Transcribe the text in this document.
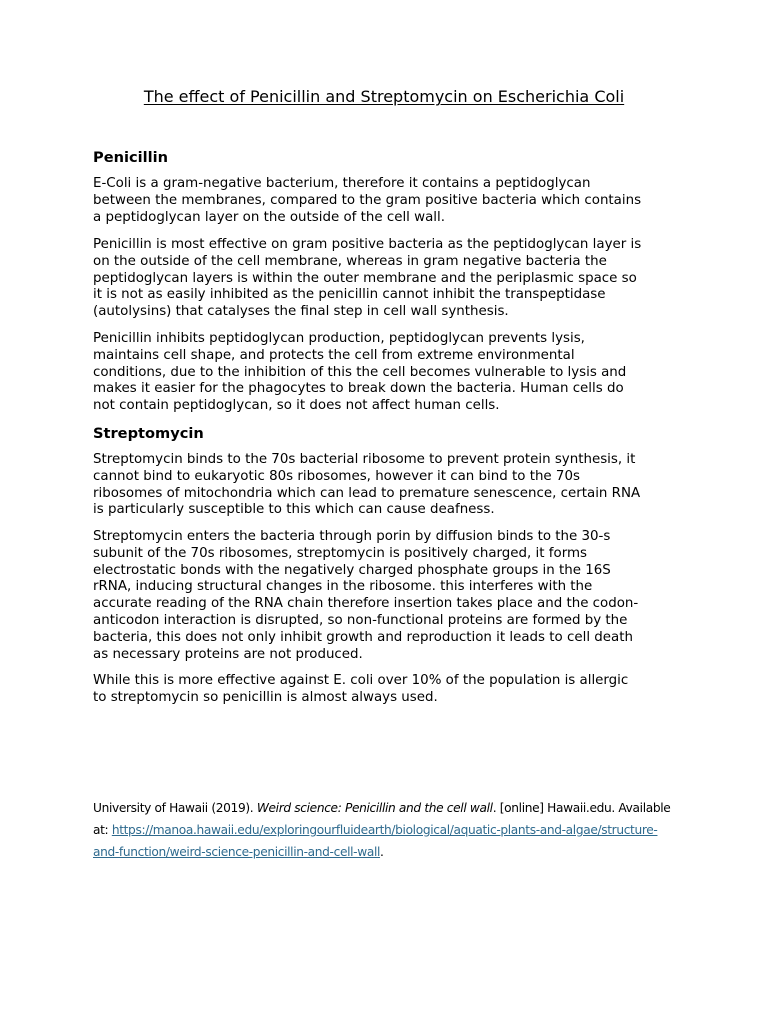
The effect of Penicillin and Streptomycin on Escherichia Coli
Penicillin

E-Coli is a gram-negative bacterium, therefore it contains a peptidoglycan
between the membranes, compared to the gram positive bacteria which contains
a peptidoglycan layer on the outside of the cell wall.

Penicillin is most effective on gram positive bacteria as the peptidoglycan layer is
on the outside of the cell membrane, whereas in gram negative bacteria the
peptidoglycan layers is within the outer membrane and the periplasmic space so
it is not as easily inhibited as the penicillin cannot inhibit the transpeptidase
(autolysins) that catalyses the final step in cell wall synthesis.

Penicillin inhibits peptidoglycan production, peptidoglycan prevents lysis,
maintains cell shape, and protects the cell from extreme environmental
conditions, due to the inhibition of this the cell becomes vulnerable to lysis and
makes it easier for the phagocytes to break down the bacteria. Human cells do
not contain peptidoglycan, so it does not affect human cells.

Streptomycin

Streptomycin binds to the 70s bacterial ribosome to prevent protein synthesis, it
cannot bind to eukaryotic 80s ribosomes, however it can bind to the 70s
ribosomes of mitochondria which can lead to premature senescence, certain RNA
is particularly susceptible to this which can cause deafness.

Streptomycin enters the bacteria through porin by diffusion binds to the 30-s
subunit of the 70s ribosomes, streptomycin is positively charged, it forms
electrostatic bonds with the negatively charged phosphate groups in the 16S
rRNA, inducing structural changes in the ribosome. this interferes with the
accurate reading of the RNA chain therefore insertion takes place and the codon-
anticodon interaction is disrupted, so non-functional proteins are formed by the
bacteria, this does not only inhibit growth and reproduction it leads to cell death
as necessary proteins are not produced.

While this is more effective against E. coli over 10% of the population is allergic
to streptomycin so penicillin is almost always used.

University of Hawaii (2019). Weird science: Penicillin and the cell wall. [online] Hawaii.edu. Available
at: https://manoa.hawaii.edu/exploringourfluidearth/biological/aquatic-plants-and-algae/structure-
and-function/weird-science-penicillin-and-cell-wall.
